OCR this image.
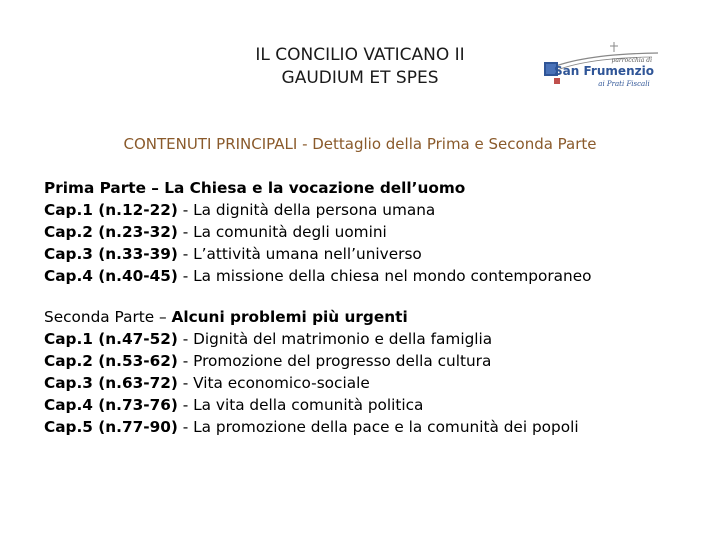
IL CONCILIO VATICANO II
GAUDIUM ET SPES
parrocchia di
San Frumenzio
ai Prati Fiscali
CONTENUTI PRINCIPALI - Dettaglio della Prima e Seconda Parte
Prima Parte – La Chiesa e la vocazione dell’uomo
Cap.1 (n.12-22) - La dignità della persona umana
Cap.2 (n.23-32) - La comunità degli uomini
Cap.3 (n.33-39) - L’attività umana nell’universo
Cap.4 (n.40-45) - La missione della chiesa nel mondo contemporaneo
Seconda Parte – Alcuni problemi più urgenti
Cap.1 (n.47-52) - Dignità del matrimonio e della famiglia
Cap.2 (n.53-62) - Promozione del progresso della cultura
Cap.3 (n.63-72) - Vita economico-sociale
Cap.4 (n.73-76) - La vita della comunità politica
Cap.5 (n.77-90) - La promozione della pace e la comunità dei popoli
